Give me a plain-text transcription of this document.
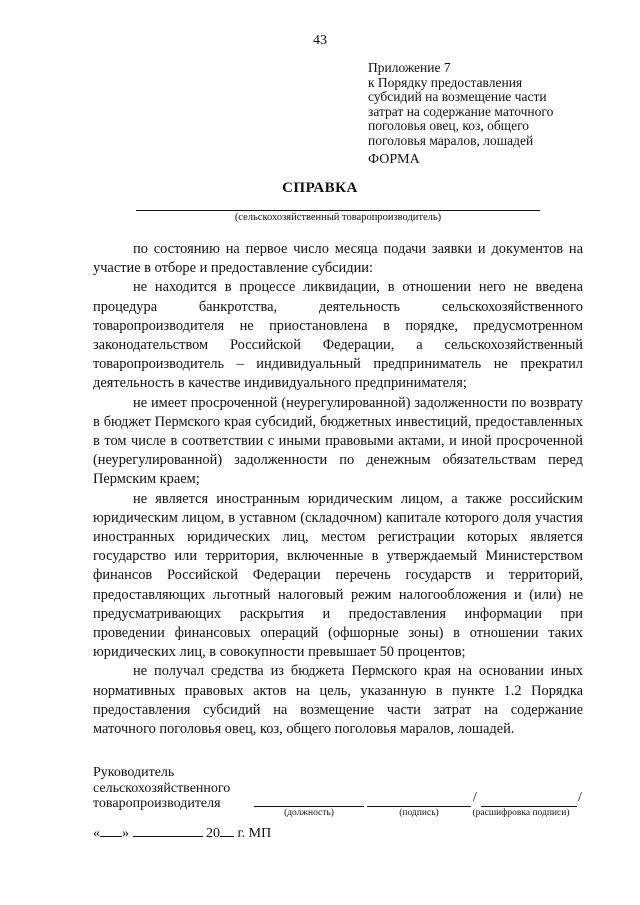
43
Приложение 7
к Порядку предоставления
субсидий на возмещение части
затрат на содержание маточного
поголовья овец, коз, общего
поголовья маралов, лошадей
ФОРМА
СПРАВКА
(сельскохозяйственный товаропроизводитель)

по состоянию на первое число месяца подачи заявки и документов на участие в отборе и предоставление субсидии:

не находится в процессе ликвидации, в отношении него не введена процедура банкротства, деятельность сельскохозяйственного товаропроизводителя не приостановлена в порядке, предусмотренном законодательством Российской Федерации, а сельскохозяйственный товаропроизводитель – индивидуальный предприниматель не прекратил деятельность в качестве индивидуального предпринимателя;

не имеет просроченной (неурегулированной) задолженности по возврату в бюджет Пермского края субсидий, бюджетных инвестиций, предоставленных в том числе в соответствии с иными правовыми актами, и иной просроченной (неурегулированной) задолженности по денежным обязательствам перед Пермским краем;

не является иностранным юридическим лицом, а также российским юридическим лицом, в уставном (складочном) капитале которого доля участия иностранных юридических лиц, местом регистрации которых является государство или территория, включенные в утверждаемый Министерством финансов Российской Федерации перечень государств и территорий, предоставляющих льготный налоговый режим налогообложения и (или) не предусматривающих раскрытия и предоставления информации при проведении финансовых операций (офшорные зоны) в отношении таких юридических лиц, в совокупности превышает 50 процентов;

не получал средства из бюджета Пермского края на основании иных нормативных правовых актов на цель, указанную в пункте 1.2 Порядка предоставления субсидий на возмещение части затрат на содержание маточного поголовья овец, коз, общего поголовья маралов, лошадей.

Руководитель
сельскохозяйственного
товаропроизводителя
(должность)	(подпись)
/	/
(расшифровка подписи)
« »	20 г. МП
